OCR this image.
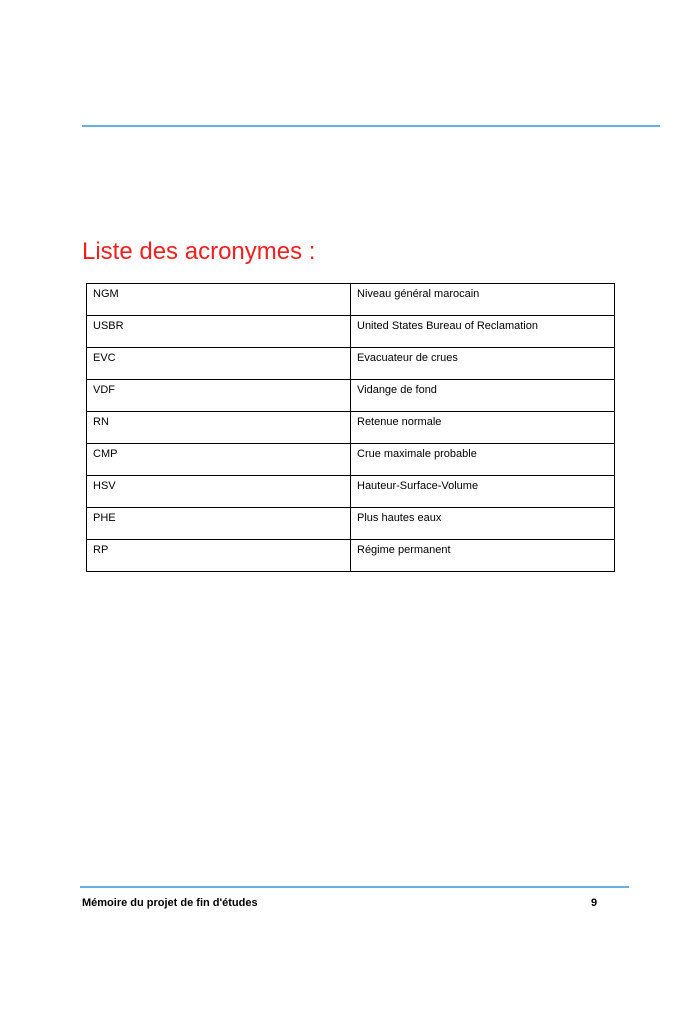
Liste des acronymes :
NGM	Niveau général marocain
USBR	United States Bureau of Reclamation
EVC	Evacuateur de crues
VDF	Vidange de fond
RN	Retenue normale
CMP	Crue maximale probable
HSV	Hauteur-Surface-Volume
PHE	Plus hautes eaux
RP	Régime permanent
Mémoire du projet de fin d'études	9
